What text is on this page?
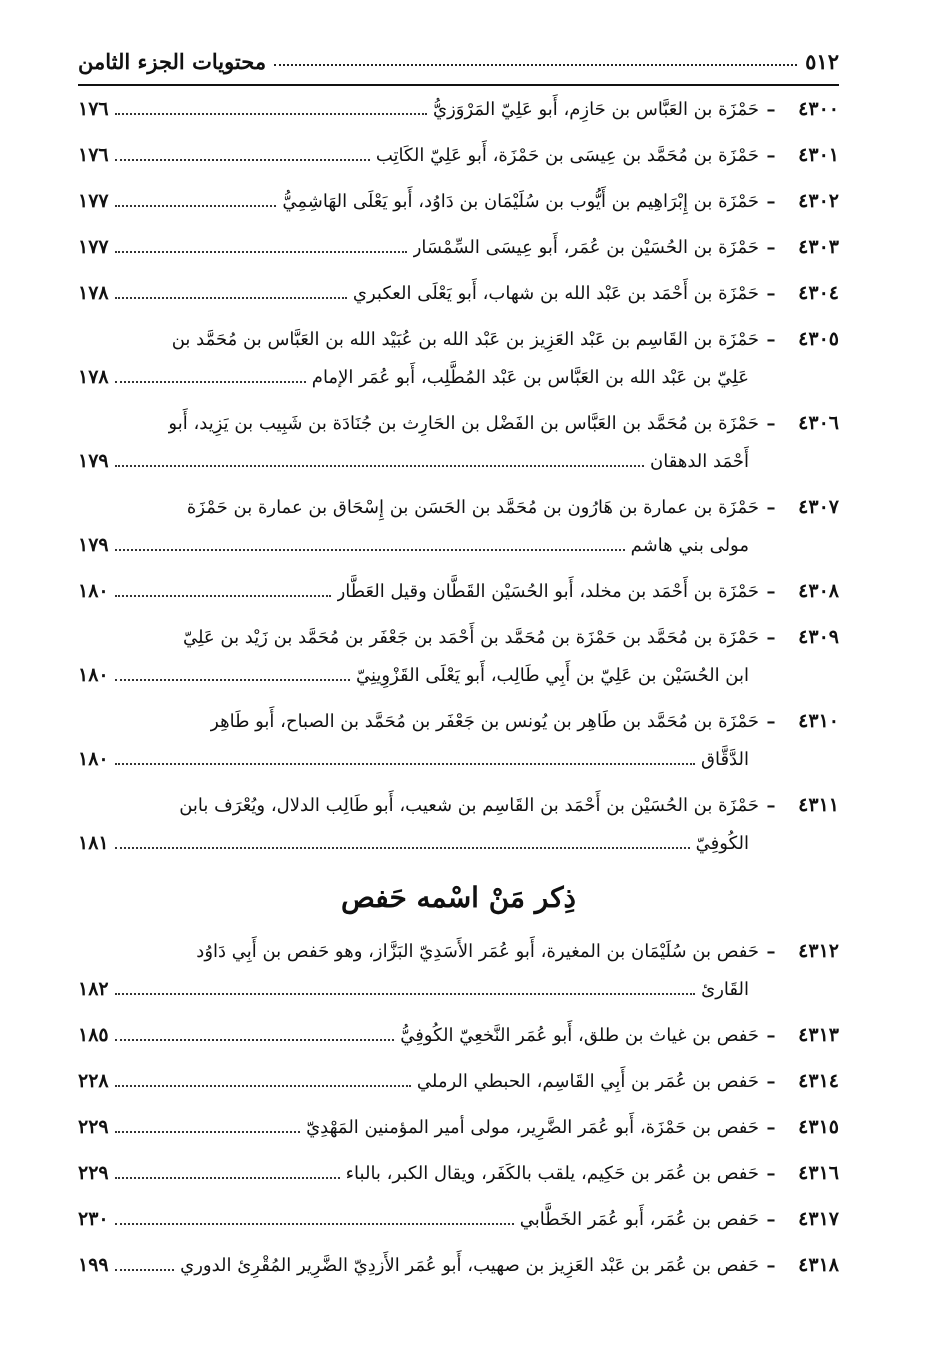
٥١٢
محتويات الجزء الثامن
٤٣٠٠
–
حَمْزَة بن العَبَّاس بن حَازِم، أَبو عَلِيّ المَرْوَزيُّ
١٧٦
٤٣٠١
–
حَمْزَة بن مُحَمَّد بن عِيسَى بن حَمْزَة، أَبو عَلِيّ الكَاتِب
١٧٦
٤٣٠٢
–
حَمْزَة بن إِبْرَاهِيم بن أَيُّوب بن سُلَيْمَان بن دَاوُد، أَبو يَعْلَى الهَاشِمِيُّ
١٧٧
٤٣٠٣
–
حَمْزَة بن الحُسَيْن بن عُمَر، أَبو عِيسَى السِّمْسَار
١٧٧
٤٣٠٤
–
حَمْزَة بن أَحْمَد بن عَبْد الله بن شهاب، أَبو يَعْلَى العكبري
١٧٨
٤٣٠٥
–
حَمْزَة بن القَاسِم بن عَبْد العَزِيز بن عَبْد الله بن عُبَيْد الله بن العَبَّاس بن مُحَمَّد بن
عَلِيّ بن عَبْد الله بن العَبَّاس بن عَبْد المُطَّلِب، أَبو عُمَر الإمام
١٧٨
٤٣٠٦
–
حَمْزَة بن مُحَمَّد بن العَبَّاس بن الفَضْل بن الحَارِث بن جُنَادَة بن شَبِيب بن يَزِيد، أَبو
أَحْمَد الدهقان
١٧٩
٤٣٠٧
–
حَمْزَة بن عمارة بن هَارُون بن مُحَمَّد بن الحَسَن بن إِسْحَاق بن عمارة بن حَمْزَة
مولى بني هاشم
١٧٩
٤٣٠٨
–
حَمْزَة بن أَحْمَد بن مخلد، أَبو الحُسَيْن القَطَّان وقيل العَطَّار
١٨٠
٤٣٠٩
–
حَمْزَة بن مُحَمَّد بن حَمْزَة بن مُحَمَّد بن أَحْمَد بن جَعْفَر بن مُحَمَّد بن زَيْد بن عَلِيّ
ابن الحُسَيْن بن عَلِيّ بن أَبِي طَالِب، أَبو يَعْلَى القَزْوِينِيّ
١٨٠
٤٣١٠
–
حَمْزَة بن مُحَمَّد بن طَاهِر بن يُونس بن جَعْفَر بن مُحَمَّد بن الصباح، أَبو طَاهِر
الدَّقَّاق
١٨٠
٤٣١١
–
حَمْزَة بن الحُسَيْن بن أَحْمَد بن القَاسِم بن شعيب، أَبو طَالِب الدلال، ويُعْرَف بابن
الكُوفِيّ
١٨١
ذِكر مَنْ اسْمه حَفص
٤٣١٢
–
حَفص بن سُلَيْمَان بن المغيرة، أَبو عُمَر الأَسَدِيّ البَزَّاز، وهو حَفص بن أَبِي دَاوُد
القَارئ
١٨٢
٤٣١٣
–
حَفص بن غياث بن طلق، أَبو عُمَر النَّخعِيّ الكُوفِيُّ
١٨٥
٤٣١٤
–
حَفص بن عُمَر بن أَبِي القَاسِم، الحبطي الرملي
٢٢٨
٤٣١٥
–
حَفص بن حَمْزَة، أَبو عُمَر الضَّرِير، مولى أمير المؤمنين المَهْدِيّ
٢٢٩
٤٣١٦
–
حَفص بن عُمَر بن حَكِيم، يلقب بالكَفَر، ويقال الكبر، بالباء
٢٢٩
٤٣١٧
–
حَفص بن عُمَر، أَبو عُمَر الخَطَّابي
٢٣٠
٤٣١٨
–
حَفص بن عُمَر بن عَبْد العَزِيز بن صهيب، أَبو عُمَر الأَزدِيّ الضَّرِير المُقْرِئ الدوري
١٩٩
